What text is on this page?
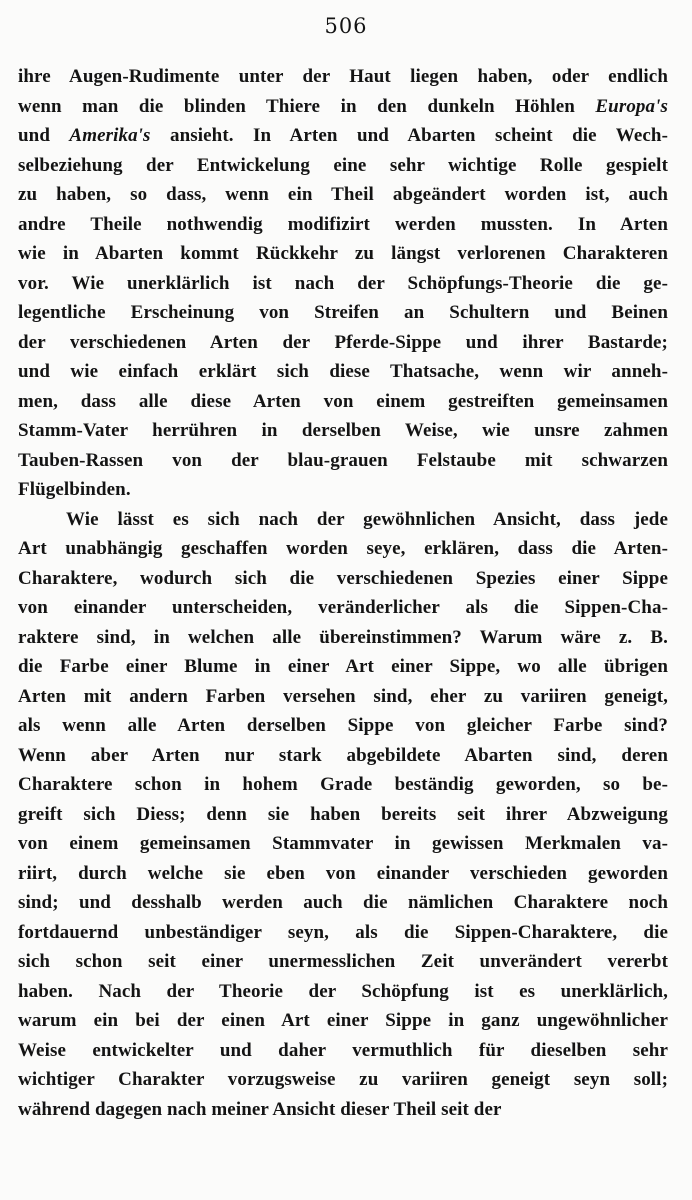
506
ihre Augen-Rudimente unter der Haut liegen haben, oder endlich
wenn man die blinden Thiere in den dunkeln Höhlen Europa's
und Amerika's ansieht. In Arten und Abarten scheint die Wech-
selbeziehung der Entwickelung eine sehr wichtige Rolle gespielt
zu haben, so dass, wenn ein Theil abgeändert worden ist, auch
andre Theile nothwendig modifizirt werden mussten. In Arten
wie in Abarten kommt Rückkehr zu längst verlorenen Charakteren
vor. Wie unerklärlich ist nach der Schöpfungs-Theorie die ge-
legentliche Erscheinung von Streifen an Schultern und Beinen
der verschiedenen Arten der Pferde-Sippe und ihrer Bastarde;
und wie einfach erklärt sich diese Thatsache, wenn wir anneh-
men, dass alle diese Arten von einem gestreiften gemeinsamen
Stamm-Vater herrühren in derselben Weise, wie unsre zahmen
Tauben-Rassen von der blau-grauen Felstaube mit schwarzen
Flügelbinden.
Wie lässt es sich nach der gewöhnlichen Ansicht, dass jede
Art unabhängig geschaffen worden seye, erklären, dass die Arten-
Charaktere, wodurch sich die verschiedenen Spezies einer Sippe
von einander unterscheiden, veränderlicher als die Sippen-Cha-
raktere sind, in welchen alle übereinstimmen? Warum wäre z. B.
die Farbe einer Blume in einer Art einer Sippe, wo alle übrigen
Arten mit andern Farben versehen sind, eher zu variiren geneigt,
als wenn alle Arten derselben Sippe von gleicher Farbe sind?
Wenn aber Arten nur stark abgebildete Abarten sind, deren
Charaktere schon in hohem Grade beständig geworden, so be-
greift sich Diess; denn sie haben bereits seit ihrer Abzweigung
von einem gemeinsamen Stammvater in gewissen Merkmalen va-
riirt, durch welche sie eben von einander verschieden geworden
sind; und desshalb werden auch die nämlichen Charaktere noch
fortdauernd unbeständiger seyn, als die Sippen-Charaktere, die
sich schon seit einer unermesslichen Zeit unverändert vererbt
haben. Nach der Theorie der Schöpfung ist es unerklärlich,
warum ein bei der einen Art einer Sippe in ganz ungewöhnlicher
Weise entwickelter und daher vermuthlich für dieselben sehr
wichtiger Charakter vorzugsweise zu variiren geneigt seyn soll;
während dagegen nach meiner Ansicht dieser Theil seit der
